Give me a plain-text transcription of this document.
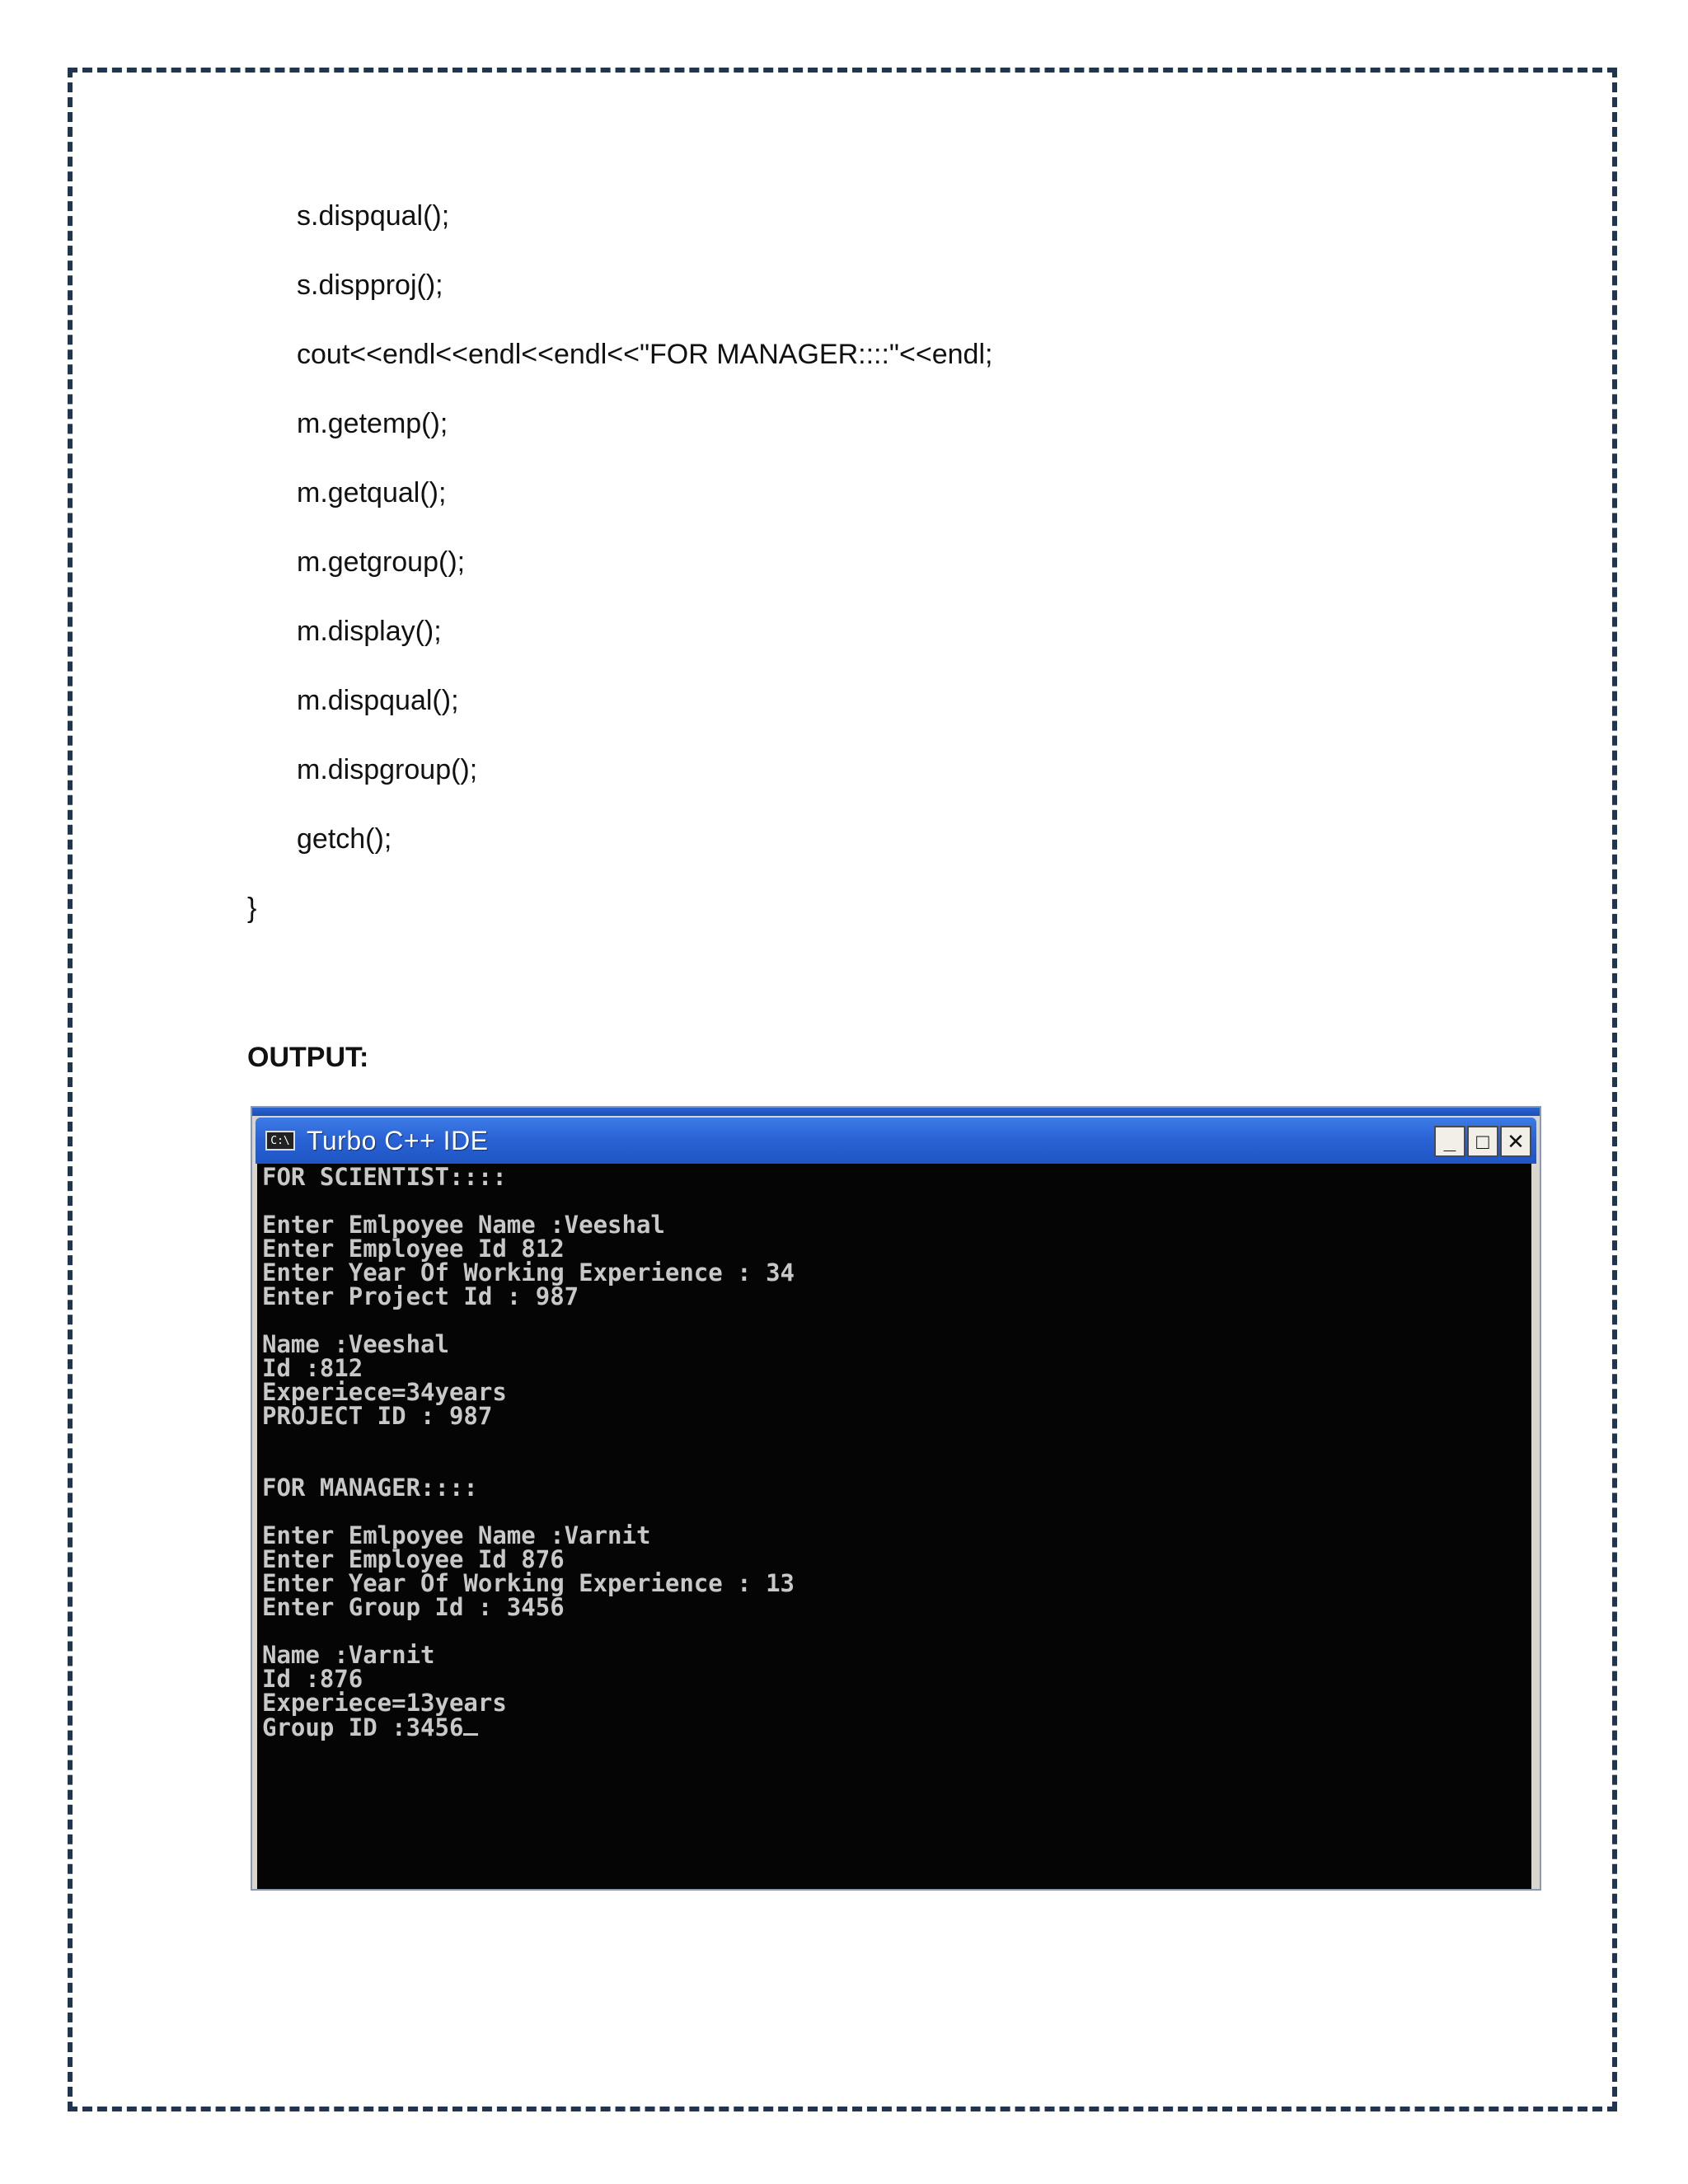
s.dispqual();
s.dispproj();
cout<<endl<<endl<<endl<<"FOR MANAGER::::"<<endl;
m.getemp();
m.getqual();
m.getgroup();
m.display();
m.dispqual();
m.dispgroup();
getch();
}
OUTPUT:
C:\ Turbo C++ IDE	_ □ ✕
FOR SCIENTIST::::
Enter Emlpoyee Name :Veeshal
Enter Employee Id 812
Enter Year Of Working Experience : 34
Enter Project Id : 987
Name :Veeshal
Id :812
Experiece=34years
PROJECT ID : 987
FOR MANAGER::::
Enter Emlpoyee Name :Varnit
Enter Employee Id 876
Enter Year Of Working Experience : 13
Enter Group Id : 3456
Name :Varnit
Id :876
Experiece=13years
Group ID :3456
